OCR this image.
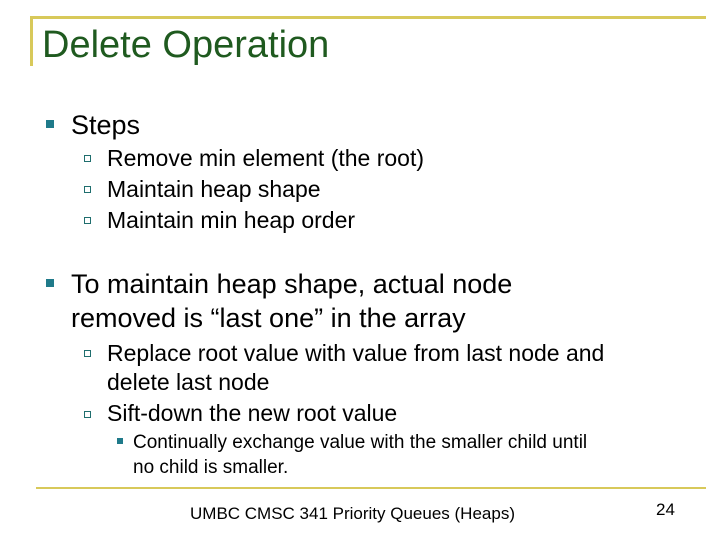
Delete Operation
Steps
Remove min element (the root)
Maintain heap shape
Maintain min heap order
To maintain heap shape, actual node
removed is “last one” in the array
Replace root value with value from last node and
delete last node
Sift-down the new root value
Continually exchange value with the smaller child until
no child is smaller.
UMBC CMSC 341 Priority Queues (Heaps)	24
